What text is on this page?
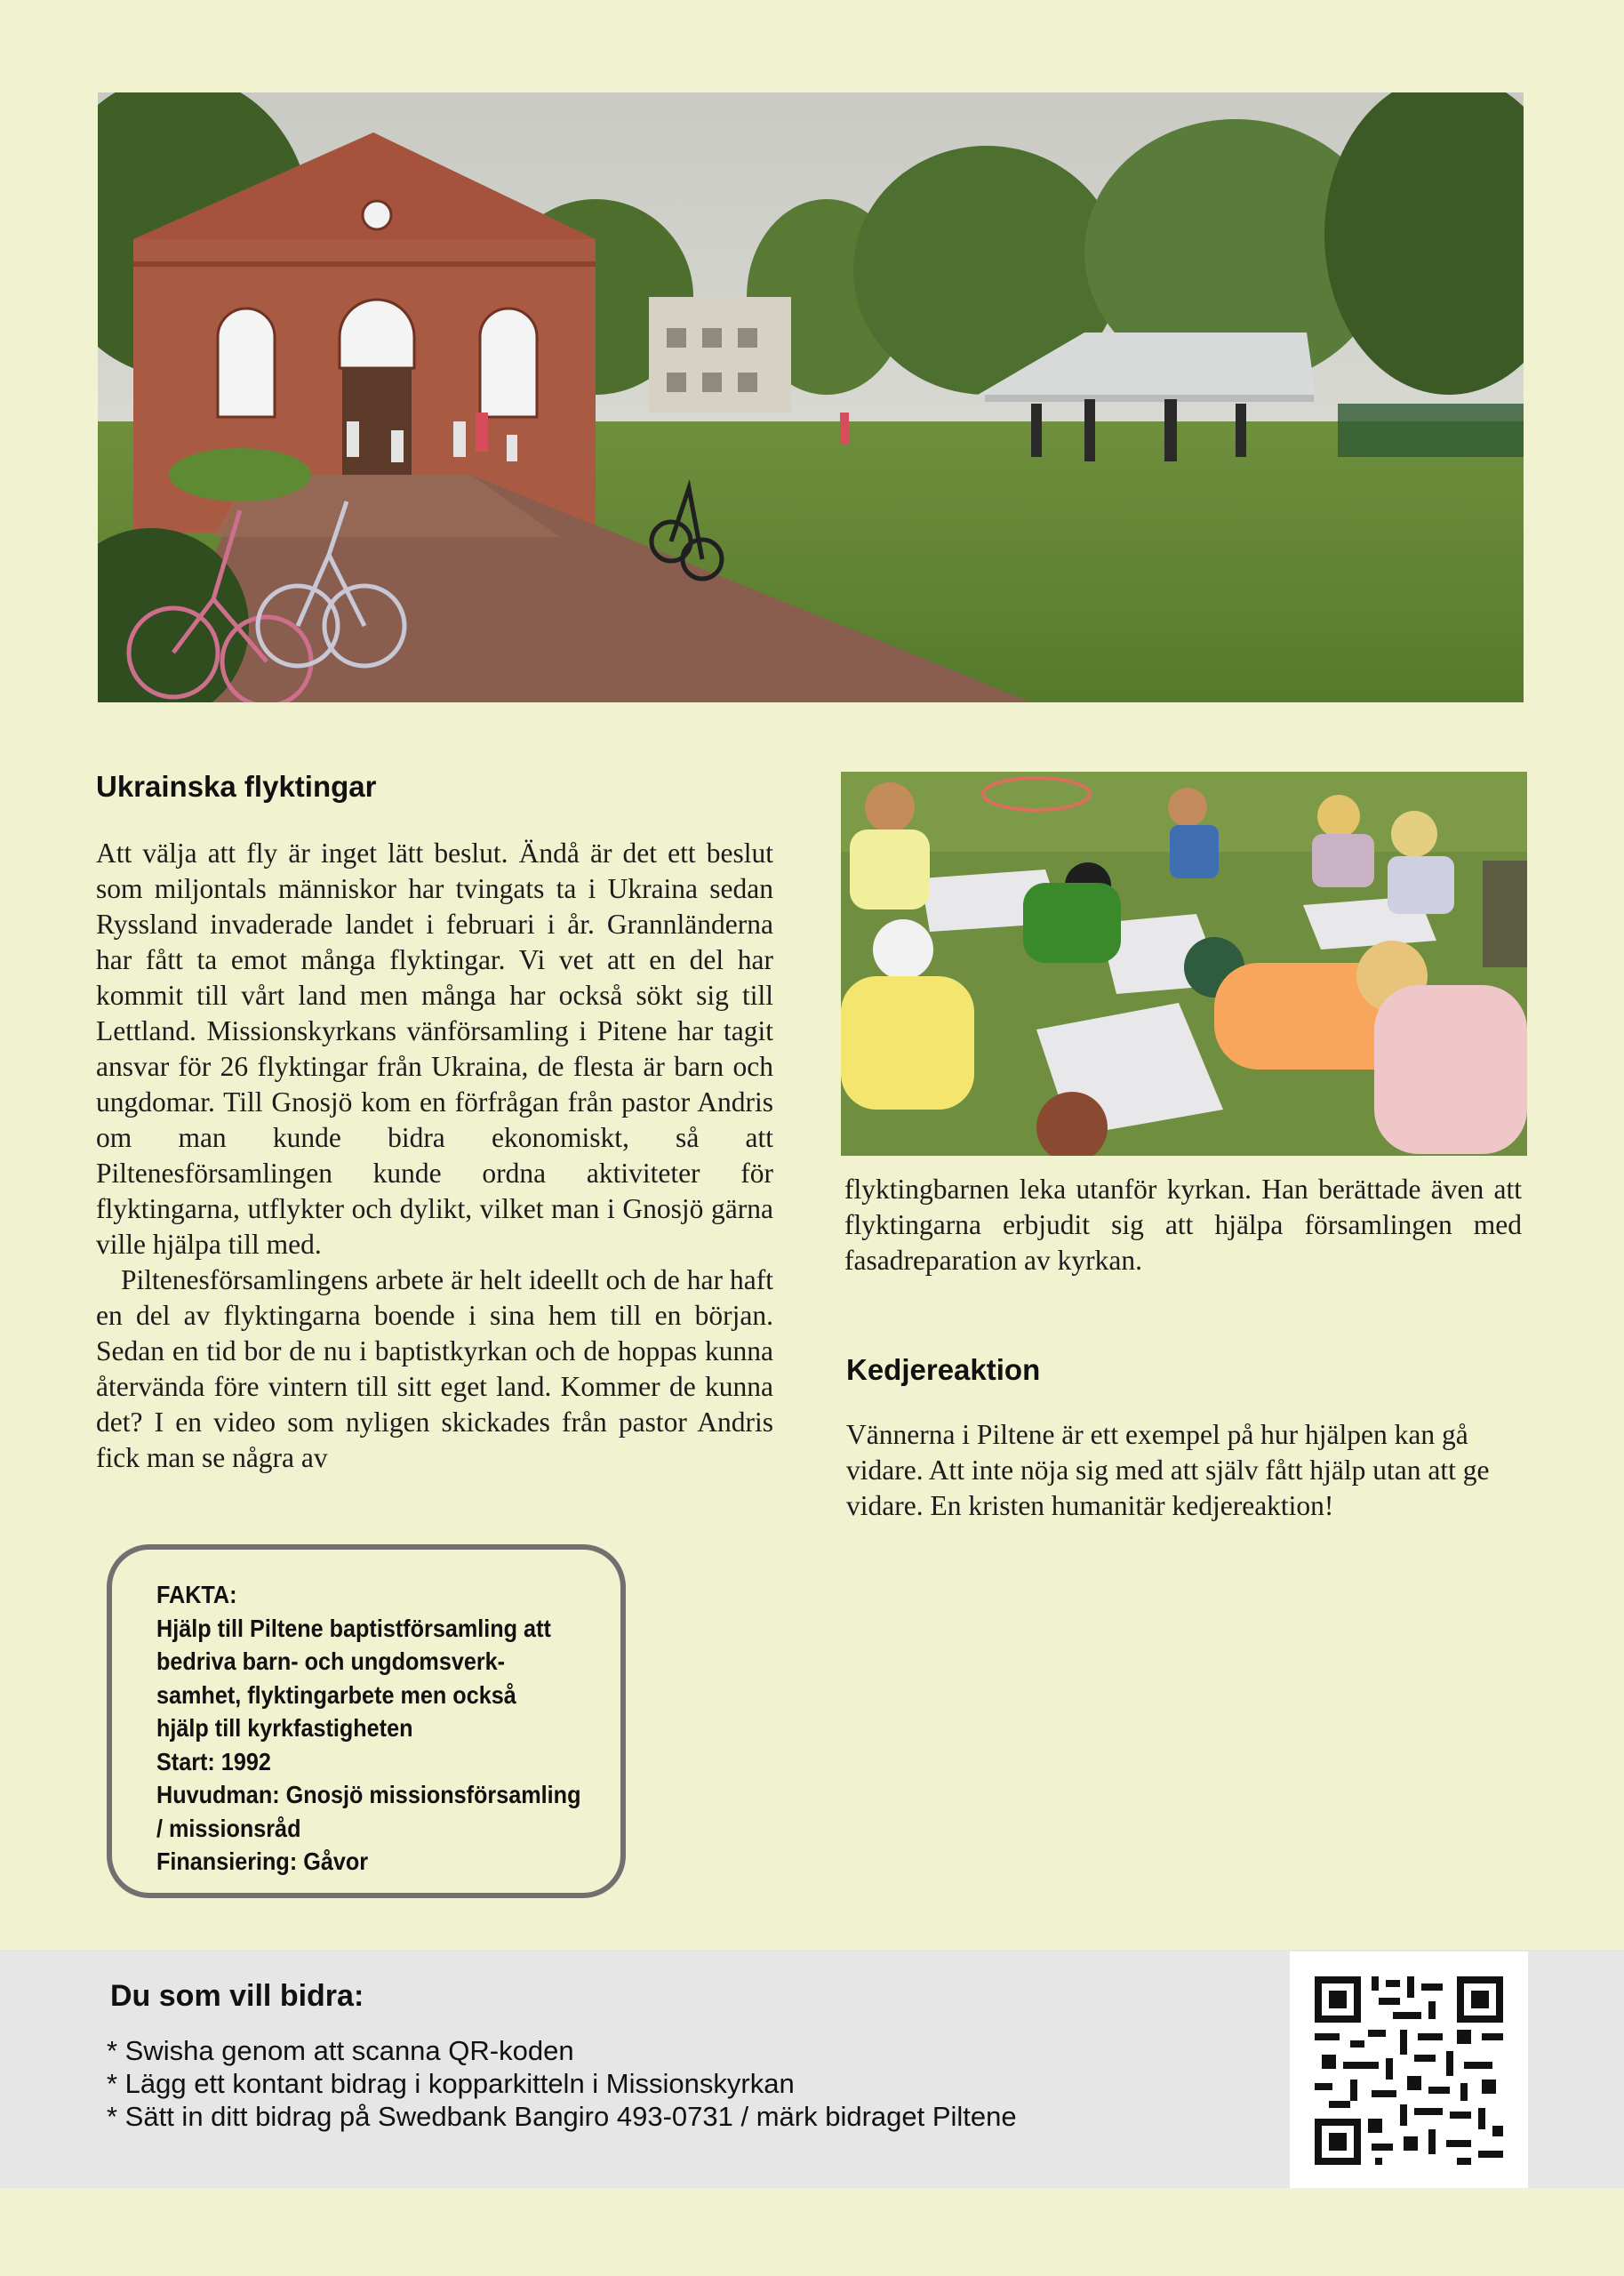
Ukrainska flyktingar

Att välja att fly är inget lätt beslut. Ändå är det ett beslut som miljontals människor har tvingats ta i Ukraina sedan Ryssland invaderade landet i februari i år. Grannländerna har fått ta emot många flyktingar. Vi vet att en del har kommit till vårt land men många har också sökt sig till Lettland. Missionskyrkans vänförsamling i Pitene har tagit ansvar för 26 flyktingar från Ukraina, de flesta är barn och ungdomar. Till Gnosjö kom en förfrågan från pastor Andris om man kunde bidra ekonomiskt, så att Piltenesförsamlingen kunde ordna aktiviteter för flyktingarna, utflykter och dylikt, vilket man i Gnosjö gärna ville hjälpa till med.

Piltenesförsamlingens arbete är helt ideellt och de har haft en del av flyktingarna boende i sina hem till en början. Sedan en tid bor de nu i baptistkyrkan och de hoppas kunna återvända före vintern till sitt eget land. Kommer de kunna det? I en video som nyligen skickades från pastor Andris fick man se några av

flyktingbarnen leka utanför kyrkan. Han berättade även att flyktingarna erbjudit sig att hjälpa församlingen med fasadreparation av kyrkan.

Kedjereaktion

Vännerna i Piltene är ett exempel på hur hjälpen kan gå vidare. Att inte nöja sig med att själv fått hjälp utan att ge vidare. En kristen humanitär kedjereaktion!

FAKTA:
Hjälp till Piltene baptistförsamling att
bedriva barn- och ungdomsverk-
samhet, flyktingarbete men också
hjälp till kyrkfastigheten
Start: 1992
Huvudman: Gnosjö missionsförsamling
/ missionsråd
Finansiering: Gåvor
Du som vill bidra:
* Swisha genom att scanna QR-koden
* Lägg ett kontant bidrag i kopparkitteln i Missionskyrkan
* Sätt in ditt bidrag på Swedbank Bangiro 493-0731 / märk bidraget Piltene
